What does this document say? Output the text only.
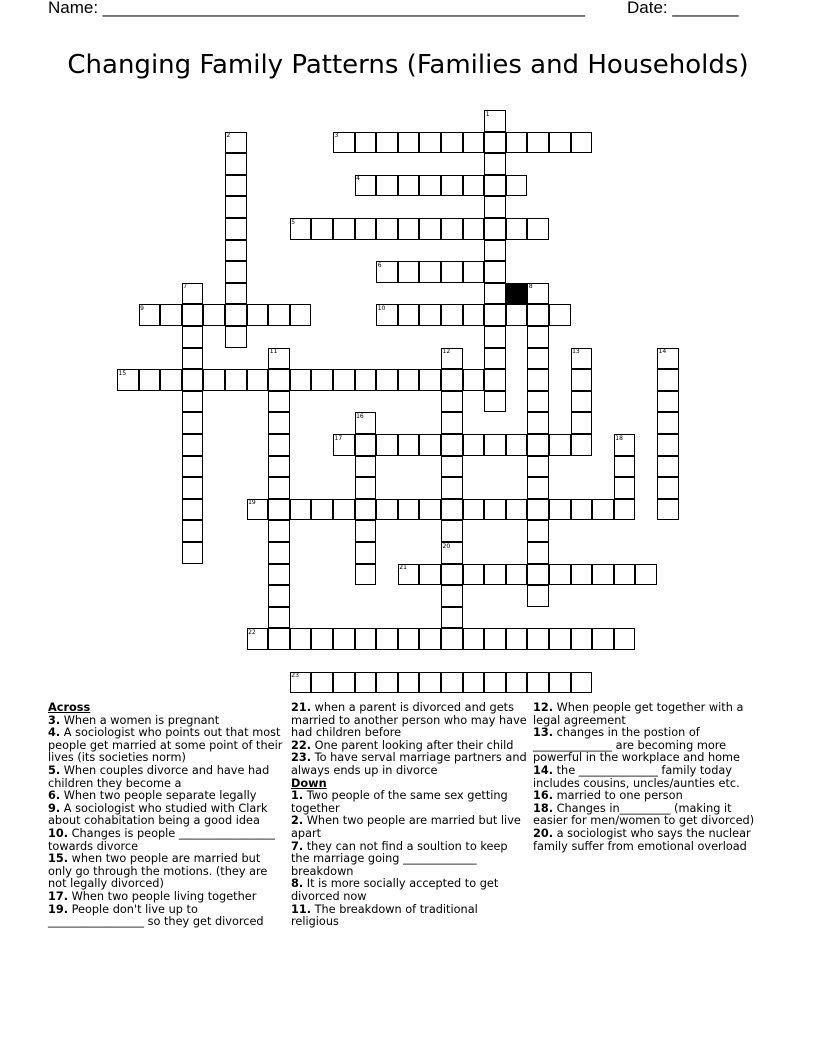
Name: ___________________________________________________ Date: _______
Changing Family Patterns (Families and Households)
3
4
5
6
9	10
15
17
19
21
22
23
1
2
7	8
11	12	13	14
16
18
20

Across

3. When a women is pregnant

4. A sociologist who points out that most people get married at some point of their lives (its societies norm)

5. When couples divorce and have had children they become a

6. When two people separate legally

9. A sociologist who studied with Clark about cohabitation being a good idea

10. Changes is people _________________ towards divorce

15. when two people are married but only go through the motions. (they are not legally divorced)

17. When two people living together

19. People don't live up to _________________ so they get divorced

21. when a parent is divorced and gets married to another person who may have had children before

22. One parent looking after their child

23. To have serval marriage partners and always ends up in divorce

Down

1. Two people of the same sex getting together

2. When two people are married but live apart

7. they can not find a soultion to keep the marriage going _____________ breakdown

8. It is more socially accepted to get divorced now

11. The breakdown of traditional religious

12. When people get together with a legal agreement

13. changes in the postion of ______________ are becoming more powerful in the workplace and home

14. the ______________ family today includes cousins, uncles/aunties etc.

16. married to one person

18. Changes in_________ (making it easier for men/women to get divorced)

20. a sociologist who says the nuclear family suffer from emotional overload
